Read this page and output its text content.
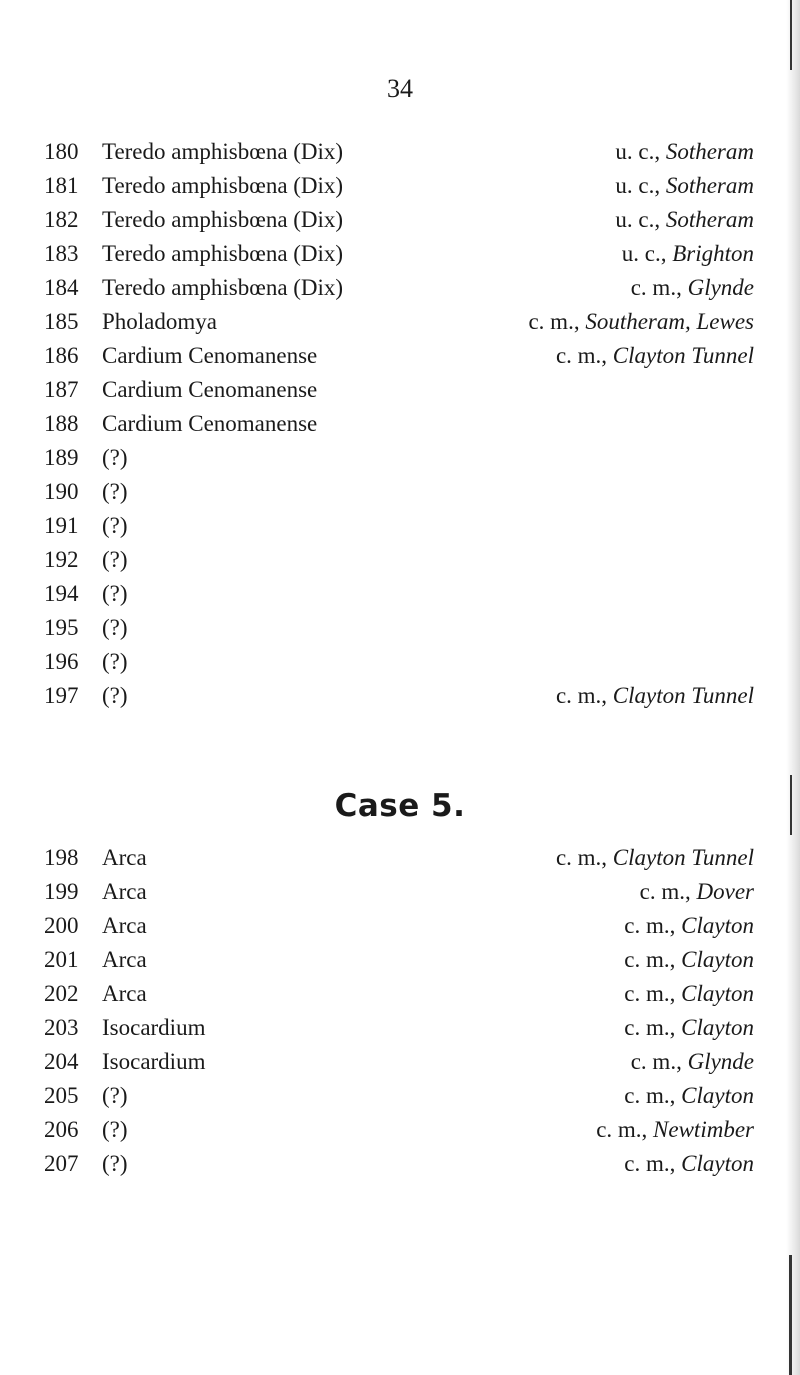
34
180	Teredo amphisbœna (Dix)	u. c., Sotheram
181	Teredo amphisbœna (Dix)	u. c., Sotheram
182	Teredo amphisbœna (Dix)	u. c., Sotheram
183	Teredo amphisbœna (Dix)	u. c., Brighton
184	Teredo amphisbœna (Dix)	c. m., Glynde
185	Pholadomya	c. m., Southeram, Lewes
186	Cardium Cenomanense	c. m., Clayton Tunnel
187	Cardium Cenomanense
188	Cardium Cenomanense
189	(?)
190	(?)
191	(?)
192	(?)
194	(?)
195	(?)
196	(?)
197	(?)	c. m., Clayton Tunnel
Case 5.
198	Arca	c. m., Clayton Tunnel
199	Arca	c. m., Dover
200	Arca	c. m., Clayton
201	Arca	c. m., Clayton
202	Arca	c. m., Clayton
203	Isocardium	c. m., Clayton
204	Isocardium	c. m., Glynde
205	(?)	c. m., Clayton
206	(?)	c. m., Newtimber
207	(?)	c. m., Clayton
